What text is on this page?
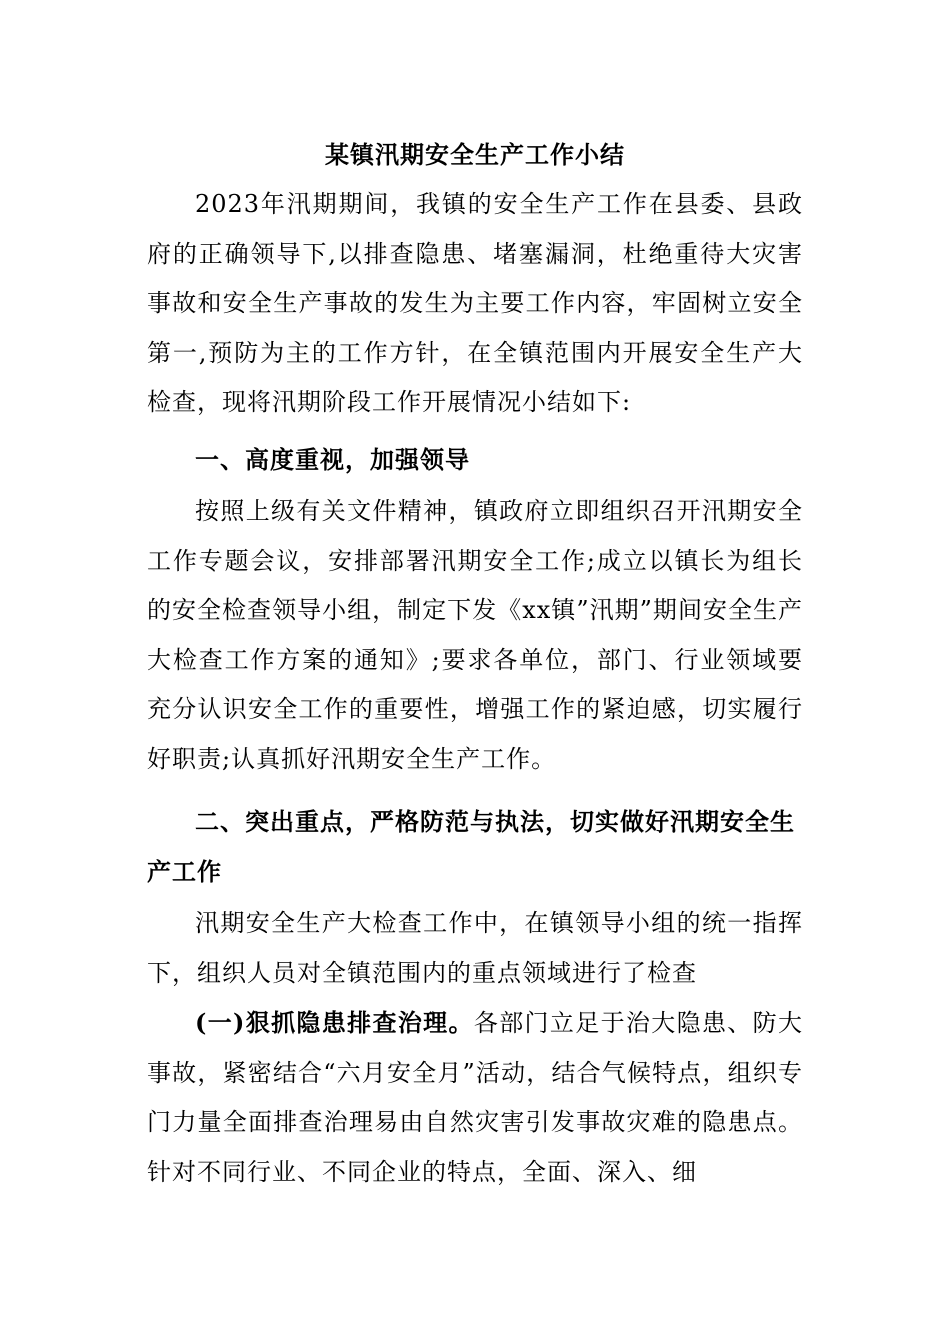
某镇汛期安全生产工作小结

2023年汛期期间，我镇的安全生产工作在县委、县政府的正确领导下,以排查隐患、堵塞漏洞，杜绝重待大灾害事故和安全生产事故的发生为主要工作内容，牢固树立安全第一,预防为主的工作方针，在全镇范围内开展安全生产大检查，现将汛期阶段工作开展情况小结如下:

一、高度重视，加强领导

按照上级有关文件精神，镇政府立即组织召开汛期安全工作专题会议，安排部署汛期安全工作;成立以镇长为组长的安全检查领导小组，制定下发《xx镇”汛期”期间安全生产大检查工作方案的通知》;要求各单位，部门、行业领域要充分认识安全工作的重要性，增强工作的紧迫感，切实履行好职责;认真抓好汛期安全生产工作。

二、突出重点，严格防范与执法，切实做好汛期安全生产工作

汛期安全生产大检查工作中，在镇领导小组的统一指挥下，组织人员对全镇范围内的重点领域进行了检查

(一)狠抓隐患排查治理。各部门立足于治大隐患、防大事故，紧密结合“六月安全月”活动，结合气候特点，组织专门力量全面排查治理易由自然灾害引发事故灾难的隐患点。针对不同行业、不同企业的特点，全面、深入、细
